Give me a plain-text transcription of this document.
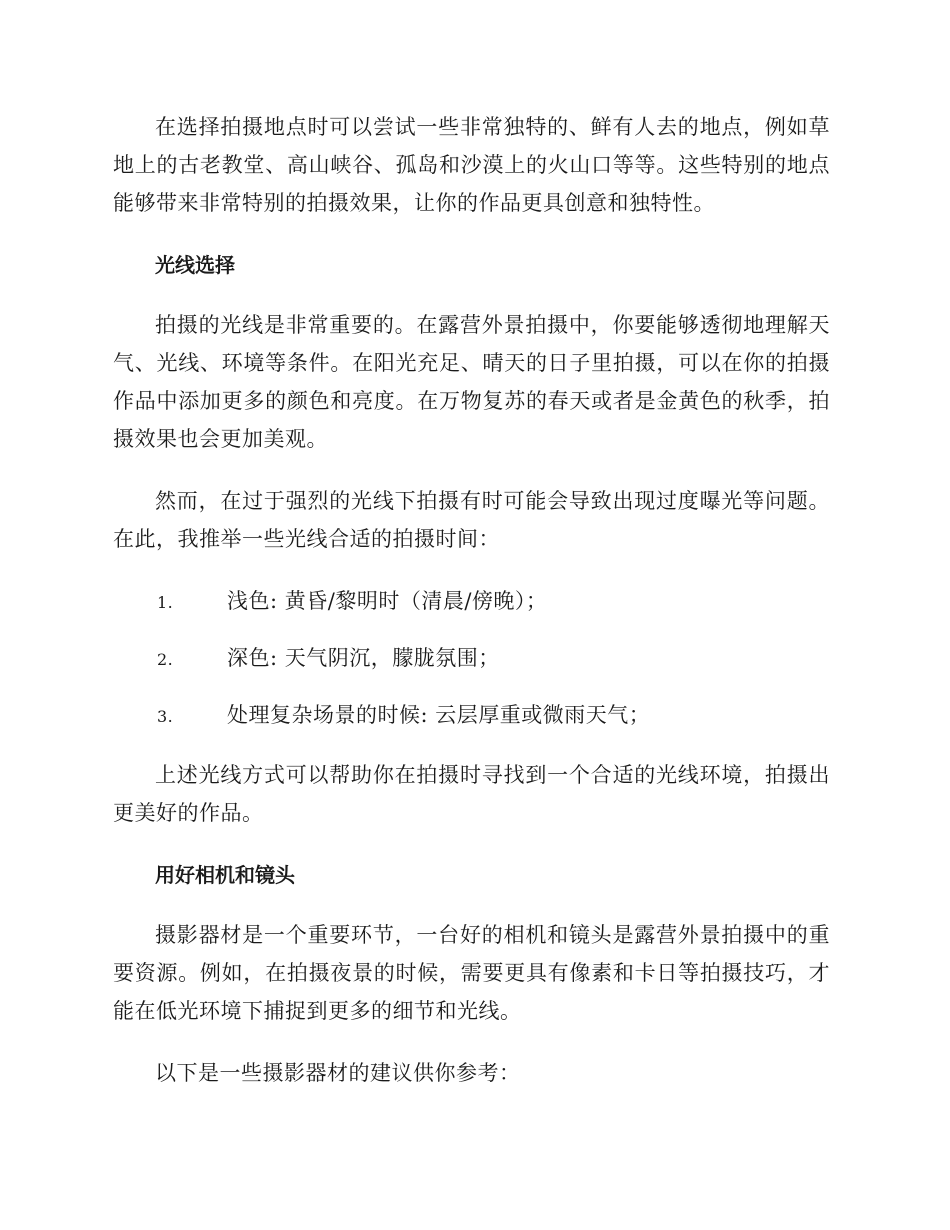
在选择拍摄地点时可以尝试一些非常独特的、鲜有人去的地点，例如草地上的古老教堂、高山峡谷、孤岛和沙漠上的火山口等等。这些特别的地点能够带来非常特别的拍摄效果，让你的作品更具创意和独特性。

光线选择

拍摄的光线是非常重要的。在露营外景拍摄中，你要能够透彻地理解天气、光线、环境等条件。在阳光充足、晴天的日子里拍摄，可以在你的拍摄作品中添加更多的颜色和亮度。在万物复苏的春天或者是金黄色的秋季，拍摄效果也会更加美观。

然而，在过于强烈的光线下拍摄有时可能会导致出现过度曝光等问题。在此，我推举一些光线合适的拍摄时间：

1.	浅色: 黄昏/黎明时（清晨/傍晚）；
2.	深色: 天气阴沉，朦胧氛围；
3.	处理复杂场景的时候: 云层厚重或微雨天气；

上述光线方式可以帮助你在拍摄时寻找到一个合适的光线环境，拍摄出更美好的作品。

用好相机和镜头

摄影器材是一个重要环节，一台好的相机和镜头是露营外景拍摄中的重要资源。例如，在拍摄夜景的时候，需要更具有像素和卡日等拍摄技巧，才能在低光环境下捕捉到更多的细节和光线。

以下是一些摄影器材的建议供你参考：
